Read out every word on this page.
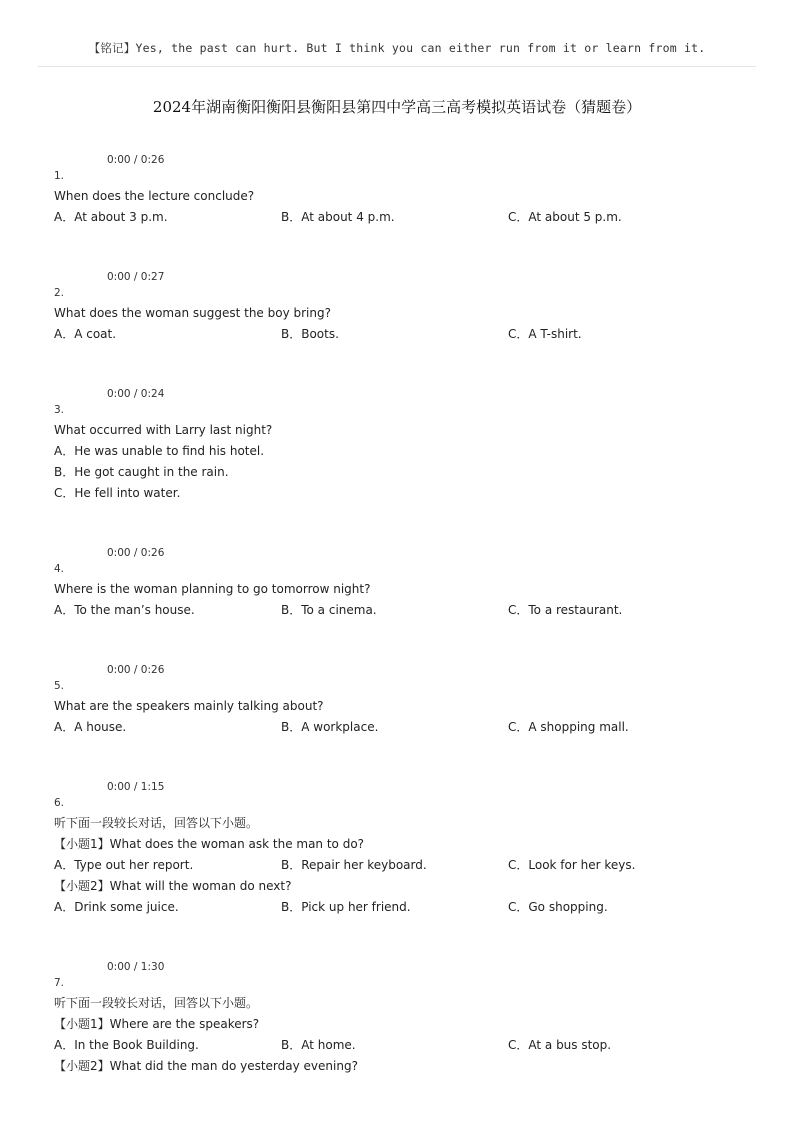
【铭记】Yes, the past can hurt. But I think you can either run from it or learn from it.
2024年湖南衡阳衡阳县衡阳县第四中学高三高考模拟英语试卷（猜题卷）
0:00 / 0:26
1.
When does the lecture conclude?
A．At about 3 p.m.	B．At about 4 p.m.	C．At about 5 p.m.
0:00 / 0:27
2.
What does the woman suggest the boy bring?
A．A coat.	B．Boots.	C．A T-shirt.
0:00 / 0:24
3.
What occurred with Larry last night?
A．He was unable to find his hotel.
B．He got caught in the rain.
C．He fell into water.
0:00 / 0:26
4.
Where is the woman planning to go tomorrow night?
A．To the man’s house.	B．To a cinema.	C．To a restaurant.
0:00 / 0:26
5.
What are the speakers mainly talking about?
A．A house.	B．A workplace.	C．A shopping mall.
0:00 / 1:15
6.
听下面一段较长对话，回答以下小题。
【小题1】What does the woman ask the man to do?
A．Type out her report.	B．Repair her keyboard.	C．Look for her keys.
【小题2】What will the woman do next?
A．Drink some juice.	B．Pick up her friend.	C．Go shopping.
0:00 / 1:30
7.
听下面一段较长对话，回答以下小题。
【小题1】Where are the speakers?
A．In the Book Building.	B．At home.	C．At a bus stop.
【小题2】What did the man do yesterday evening?
